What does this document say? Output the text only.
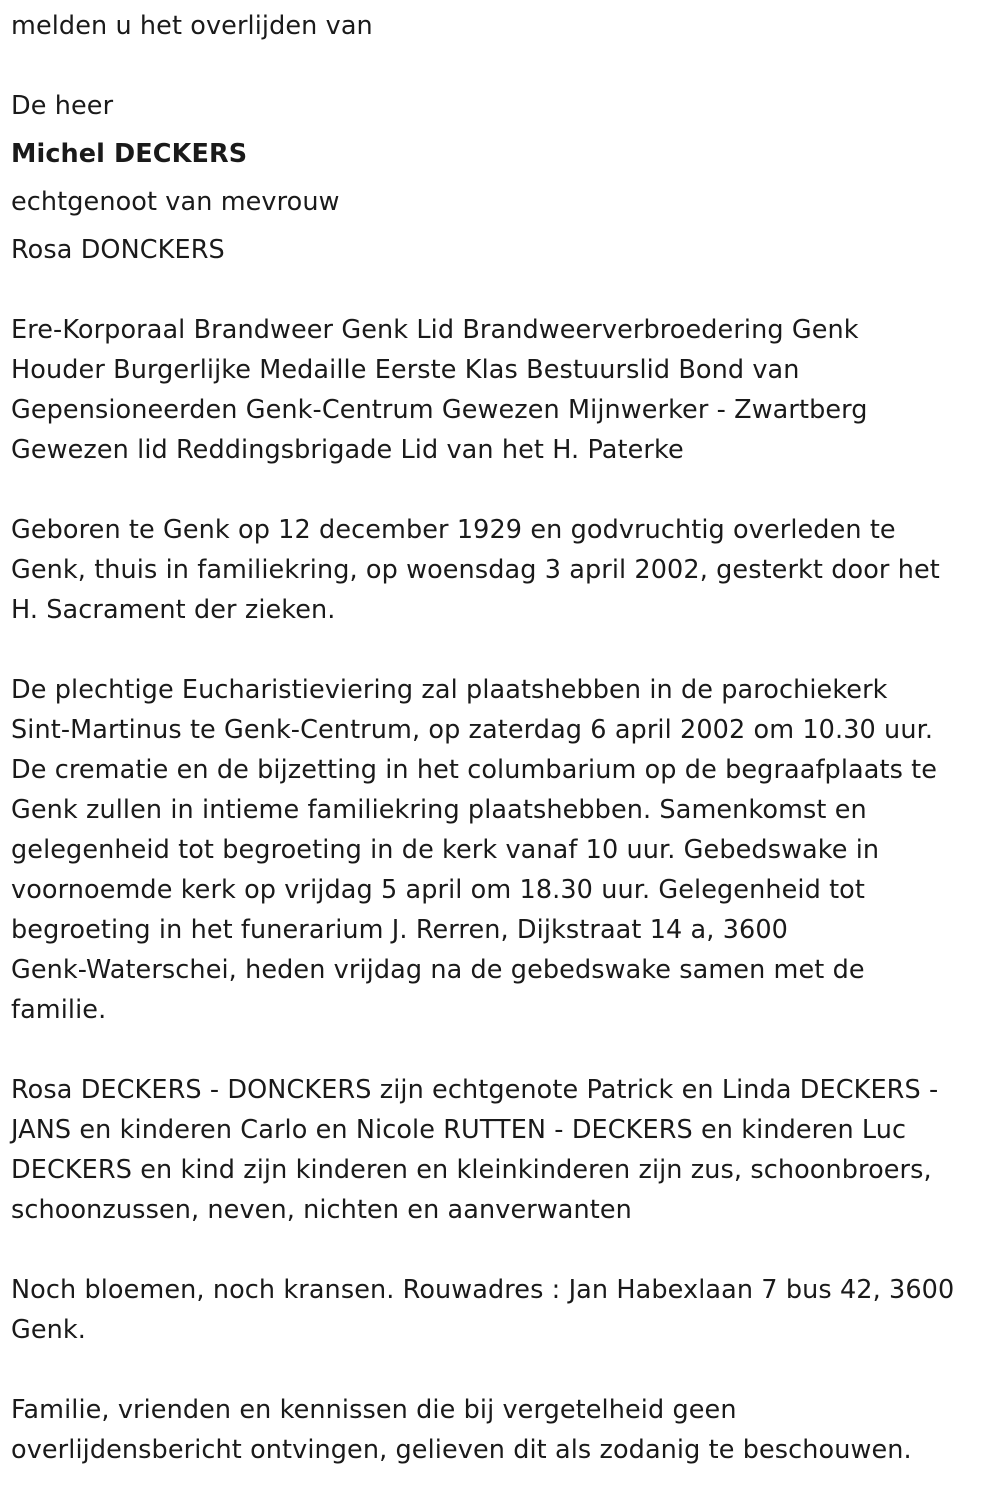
melden u het overlijden van
De heer
Michel DECKERS
echtgenoot van mevrouw
Rosa DONCKERS
Ere-Korporaal Brandweer Genk Lid Brandweerverbroedering Genk
Houder Burgerlijke Medaille Eerste Klas Bestuurslid Bond van
Gepensioneerden Genk-Centrum Gewezen Mijnwerker - Zwartberg
Gewezen lid Reddingsbrigade Lid van het H. Paterke
Geboren te Genk op 12 december 1929 en godvruchtig overleden te
Genk, thuis in familiekring, op woensdag 3 april 2002, gesterkt door het
H. Sacrament der zieken.
De plechtige Eucharistieviering zal plaatshebben in de parochiekerk
Sint-Martinus te Genk-Centrum, op zaterdag 6 april 2002 om 10.30 uur.
De crematie en de bijzetting in het columbarium op de begraafplaats te
Genk zullen in intieme familiekring plaatshebben. Samenkomst en
gelegenheid tot begroeting in de kerk vanaf 10 uur. Gebedswake in
voornoemde kerk op vrijdag 5 april om 18.30 uur. Gelegenheid tot
begroeting in het funerarium J. Rerren, Dijkstraat 14 a, 3600
Genk-Waterschei, heden vrijdag na de gebedswake samen met de
familie.
Rosa DECKERS - DONCKERS zijn echtgenote Patrick en Linda DECKERS -
JANS en kinderen Carlo en Nicole RUTTEN - DECKERS en kinderen Luc
DECKERS en kind zijn kinderen en kleinkinderen zijn zus, schoonbroers,
schoonzussen, neven, nichten en aanverwanten
Noch bloemen, noch kransen. Rouwadres : Jan Habexlaan 7 bus 42, 3600
Genk.
Familie, vrienden en kennissen die bij vergetelheid geen
overlijdensbericht ontvingen, gelieven dit als zodanig te beschouwen.
